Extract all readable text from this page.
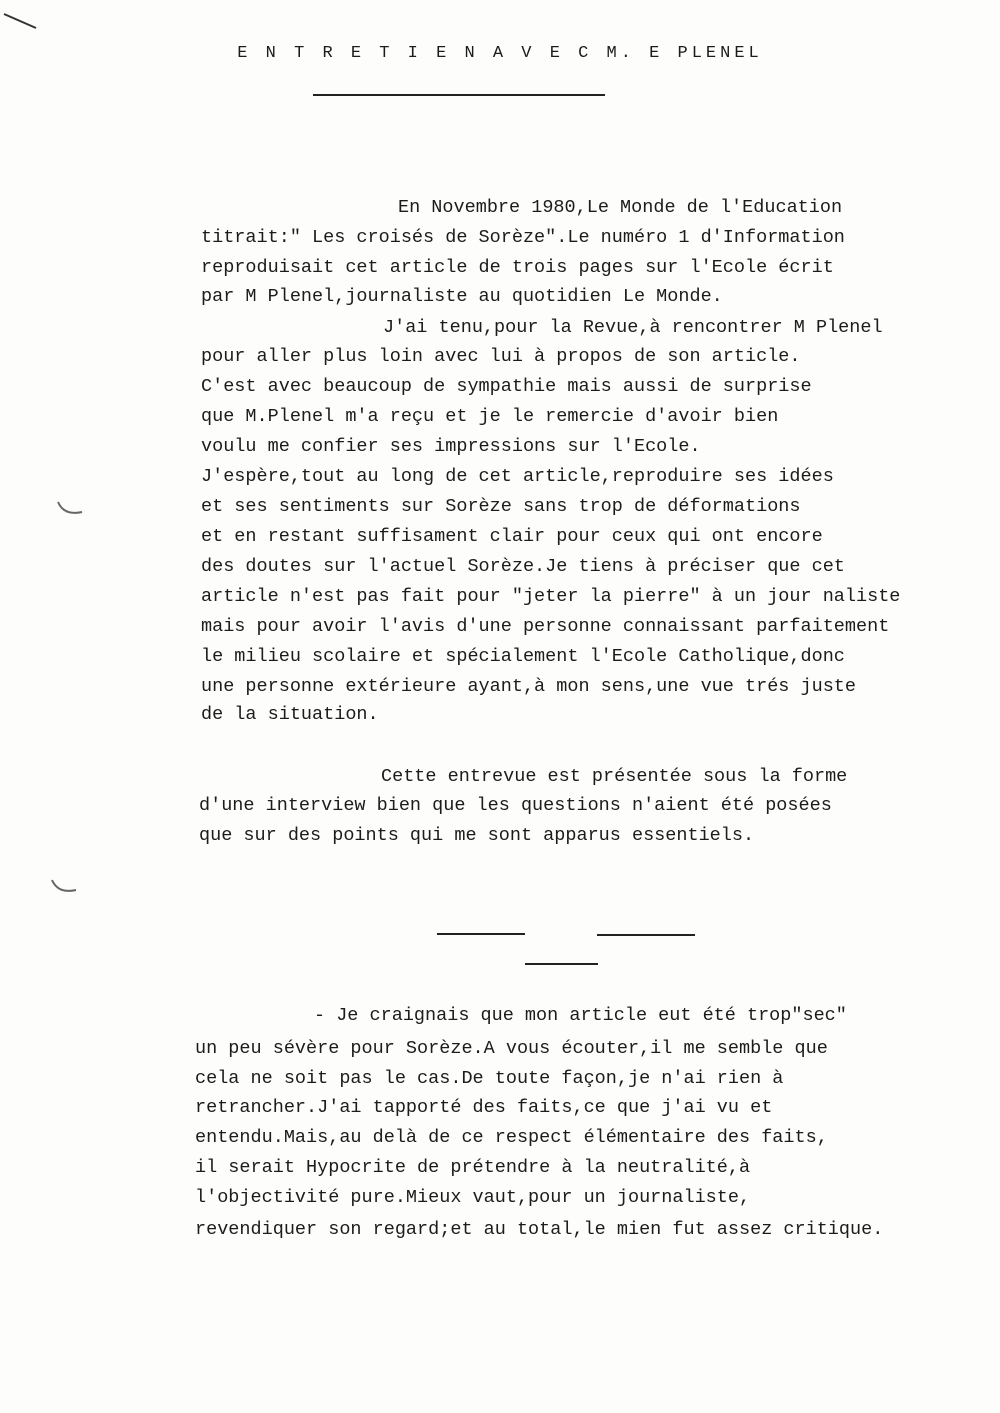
E N T R E T I E N A V E C M. E PLENEL
En Novembre 1980,Le Monde de l'Education
titrait:" Les croisés de Sorèze".Le numéro 1 d'Information
reproduisait cet article de trois pages sur l'Ecole écrit
par M Plenel,journaliste au quotidien Le Monde.
J'ai tenu,pour la Revue,à rencontrer M Plenel
pour aller plus loin avec lui à propos de son article.
C'est avec beaucoup de sympathie mais aussi de surprise
que M.Plenel m'a reçu et je le remercie d'avoir bien
voulu me confier ses impressions sur l'Ecole.
J'espère,tout au long de cet article,reproduire ses idées
et ses sentiments sur Sorèze sans trop de déformations
et en restant suffisament clair pour ceux qui ont encore
des doutes sur l'actuel Sorèze.Je tiens à préciser que cet
article n'est pas fait pour "jeter la pierre" à un jour naliste
mais pour avoir l'avis d'une personne connaissant parfaitement
le milieu scolaire et spécialement l'Ecole Catholique,donc
une personne extérieure ayant,à mon sens,une vue trés juste
de la situation.
Cette entrevue est présentée sous la forme
d'une interview bien que les questions n'aient été posées
que sur des points qui me sont apparus essentiels.
- Je craignais que mon article eut été trop"sec"
un peu sévère pour Sorèze.A vous écouter,il me semble que
cela ne soit pas le cas.De toute façon,je n'ai rien à
retrancher.J'ai tapporté des faits,ce que j'ai vu et
entendu.Mais,au delà de ce respect élémentaire des faits,
il serait Hypocrite de prétendre à la neutralité,à
l'objectivité pure.Mieux vaut,pour un journaliste,
revendiquer son regard;et au total,le mien fut assez critique.
